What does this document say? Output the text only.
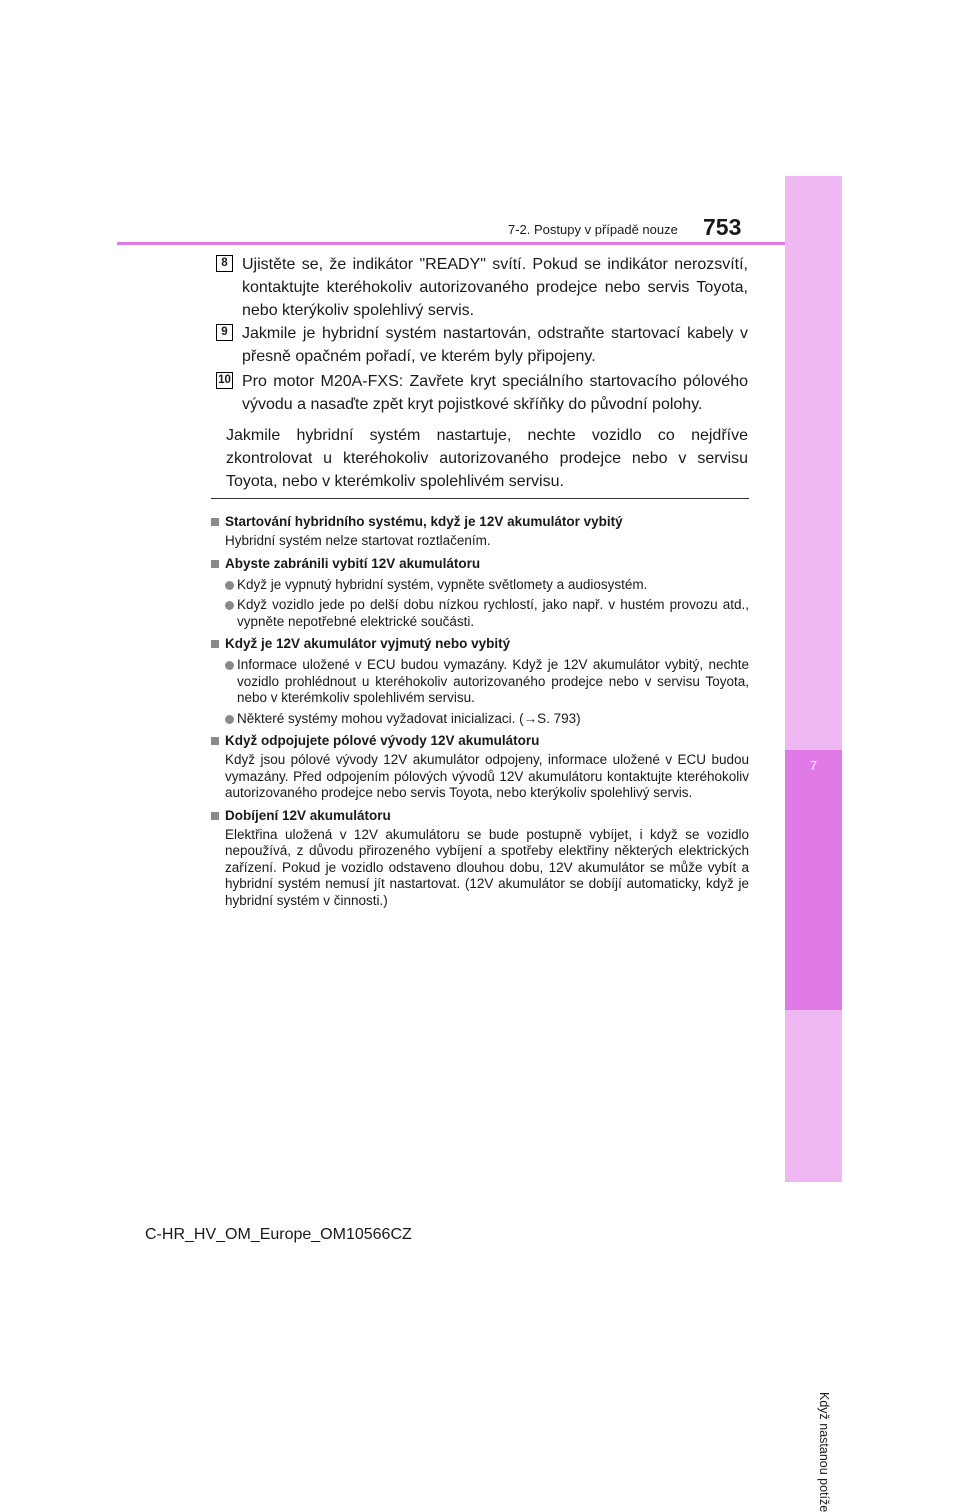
7
Když nastanou potíže
7-2. Postupy v případě nouze 753
8 Ujistěte se, že indikátor "READY" svítí. Pokud se indikátor nerozsvítí, kontaktujte kteréhokoliv autorizovaného prodejce nebo servis Toyota, nebo kterýkoliv spolehlivý servis.
9 Jakmile je hybridní systém nastartován, odstraňte startovací kabely v přesně opačném pořadí, ve kterém byly připojeny.
10 Pro motor M20A-FXS: Zavřete kryt speciálního startovacího pólového vývodu a nasaďte zpět kryt pojistkové skříňky do původní polohy.
Jakmile hybridní systém nastartuje, nechte vozidlo co nejdříve zkontrolovat u kteréhokoliv autorizovaného prodejce nebo v servisu Toyota, nebo v kterémkoliv spolehlivém servisu.
Startování hybridního systému, když je 12V akumulátor vybitý
Hybridní systém nelze startovat roztlačením.
Abyste zabránili vybití 12V akumulátoru
Když je vypnutý hybridní systém, vypněte světlomety a audiosystém.
Když vozidlo jede po delší dobu nízkou rychlostí, jako např. v hustém provozu atd., vypněte nepotřebné elektrické součásti.
Když je 12V akumulátor vyjmutý nebo vybitý
Informace uložené v ECU budou vymazány. Když je 12V akumulátor vybitý, nechte vozidlo prohlédnout u kteréhokoliv autorizovaného prodejce nebo v servisu Toyota, nebo v kterémkoliv spolehlivém servisu.
Některé systémy mohou vyžadovat inicializaci. (→S. 793)
Když odpojujete pólové vývody 12V akumulátoru
Když jsou pólové vývody 12V akumulátor odpojeny, informace uložené v ECU budou vymazány. Před odpojením pólových vývodů 12V akumulátoru kontaktujte kteréhokoliv autorizovaného prodejce nebo servis Toyota, nebo kterýkoliv spolehlivý servis.
Dobíjení 12V akumulátoru
Elektřina uložená v 12V akumulátoru se bude postupně vybíjet, i když se vozidlo nepoužívá, z důvodu přirozeného vybíjení a spotřeby elektřiny některých elektrických zařízení. Pokud je vozidlo odstaveno dlouhou dobu, 12V akumulátor se může vybít a hybridní systém nemusí jít nastartovat. (12V akumulátor se dobíjí automaticky, když je hybridní systém v činnosti.)
C-HR_HV_OM_Europe_OM10566CZ
